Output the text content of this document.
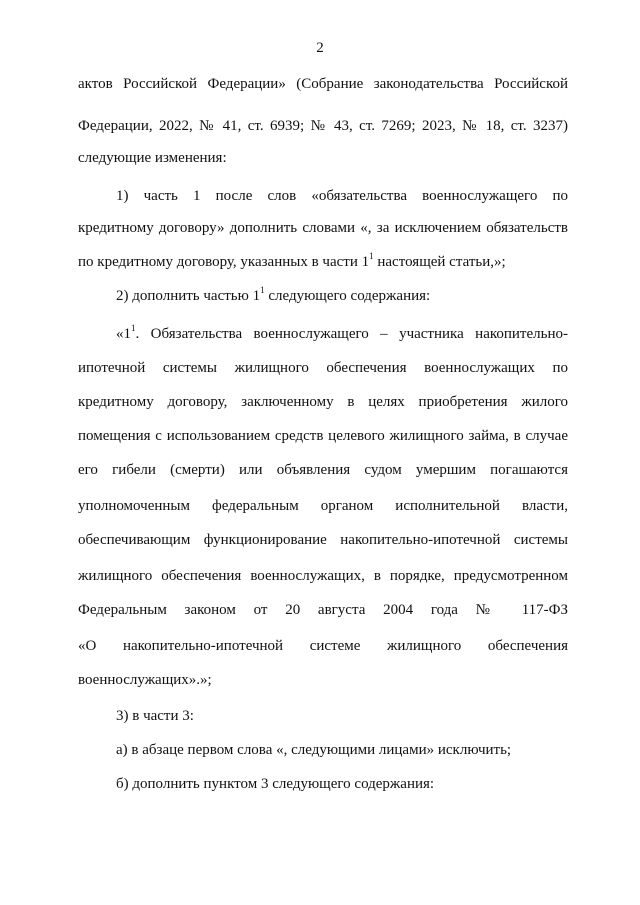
2
актов Российской Федерации» (Собрание законодательства Российской
Федерации, 2022, № 41, ст. 6939; № 43, ст. 7269; 2023, № 18, ст. 3237)
следующие изменения:
1) часть 1 после слов «обязательства военнослужащего по
кредитному договору» дополнить словами «, за исключением обязательств
по кредитному договору, указанных в части $1^1$ настоящей статьи,»;
2) дополнить частью $1^1$ следующего содержания:
«$1^1$. Обязательства военнослужащего – участника накопительно-
ипотечной системы жилищного обеспечения военнослужащих по
кредитному договору, заключенному в целях приобретения жилого
помещения с использованием средств целевого жилищного займа, в случае
его гибели (смерти) или объявления судом умершим погашаются
уполномоченным федеральным органом исполнительной власти,
обеспечивающим функционирование накопительно-ипотечной системы
жилищного обеспечения военнослужащих, в порядке, предусмотренном
Федеральным законом от 20 августа 2004 года № 117-ФЗ
«О накопительно-ипотечной системе жилищного обеспечения
военнослужащих».»;
3) в части 3:
а) в абзаце первом слова «, следующими лицами» исключить;
б) дополнить пунктом 3 следующего содержания:
